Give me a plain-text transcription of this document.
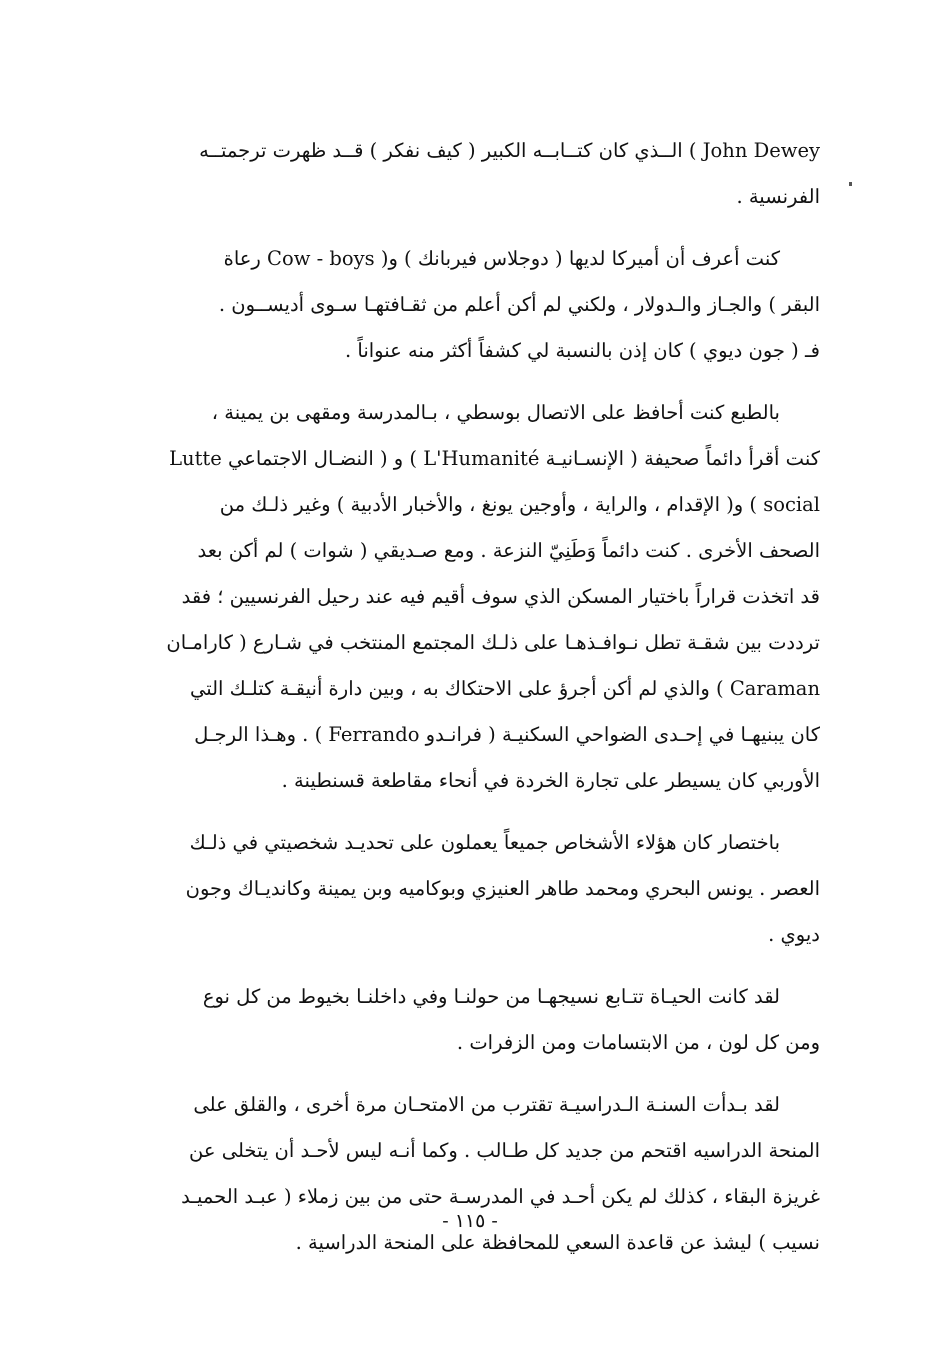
John Dewey ) الــذي كان كتــابــه الكبير ( كيف نفكر ) قــد ظهرت ترجمتــه
الفرنسية .

كنت أعرف أن أميركا لديها ( دوجلاس فيربانك ) و( Cow - boys رعاة
البقر ) والجـاز والـدولار ، ولكني لم أكن أعلم من ثقـافتهـا سـوى أديســون .
فـ ( جون ديوي ) كان إذن بالنسبة لي كشفاً أكثر منه عنواناً .

بالطبع كنت أحافظ على الاتصال بوسطي ، بـالمدرسة ومقهى بن يمينة ،
كنت أقرأ دائماً صحيفة ( الإنسـانيـة L'Humanité ) و ( النضـال الاجتماعي Lutte
social ) و( الإقدام ، والراية ، وأوجين يونغ ، والأخبار الأدبية ) وغير ذلـك من
الصحف الأخرى . كنت دائماً وَطَنِيّ النزعة . ومع صـديقي ( شوات ) لم أكن بعد
قد اتخذت قراراً باختيار المسكن الذي سوف أقيم فيه عند رحيل الفرنسيين ؛ فقد
ترددت بين شقـة تطل نـوافـذهـا على ذلـك المجتمع المنتخب في شـارع ( كارامـان
Caraman ) والذي لم أكن أجرؤ على الاحتكاك به ، وبين دارة أنيقـة كتلـك التي
كان يبنيهـا في إحـدى الضواحي السكنيـة ( فرانـدو Ferrando ) . وهـذا الرجـل
الأوربي كان يسيطر على تجارة الخردة في أنحاء مقاطعة قسنطينة .

باختصار كان هؤلاء الأشخاص جميعاً يعملون على تحديـد شخصيتي في ذلـك
العصر . يونس البحري ومحمد طاهر العنيزي وبوكاميه وبن يمينة وكانديـاك وجون
ديوي .

لقد كانت الحيـاة تتـابع نسيجهـا من حولنـا وفي داخلنـا بخيوط من كل نوع
ومن كل لون ، من الابتسامات ومن الزفرات .

لقد بـدأت السنـة الـدراسيـة تقترب من الامتحـان مرة أخرى ، والقلق على
المنحة الدراسيه اقتحم من جديد كل طـالب . وكما أنـه ليس لأحـد أن يتخلى عن
غريزة البقاء ، كذلك لم يكن أحـد في المدرسـة حتى من بين زملاء ( عبـد الحميـد
نسيب ) ليشذ عن قاعدة السعي للمحافظة على المنحة الدراسية .

- ١١٥ -
